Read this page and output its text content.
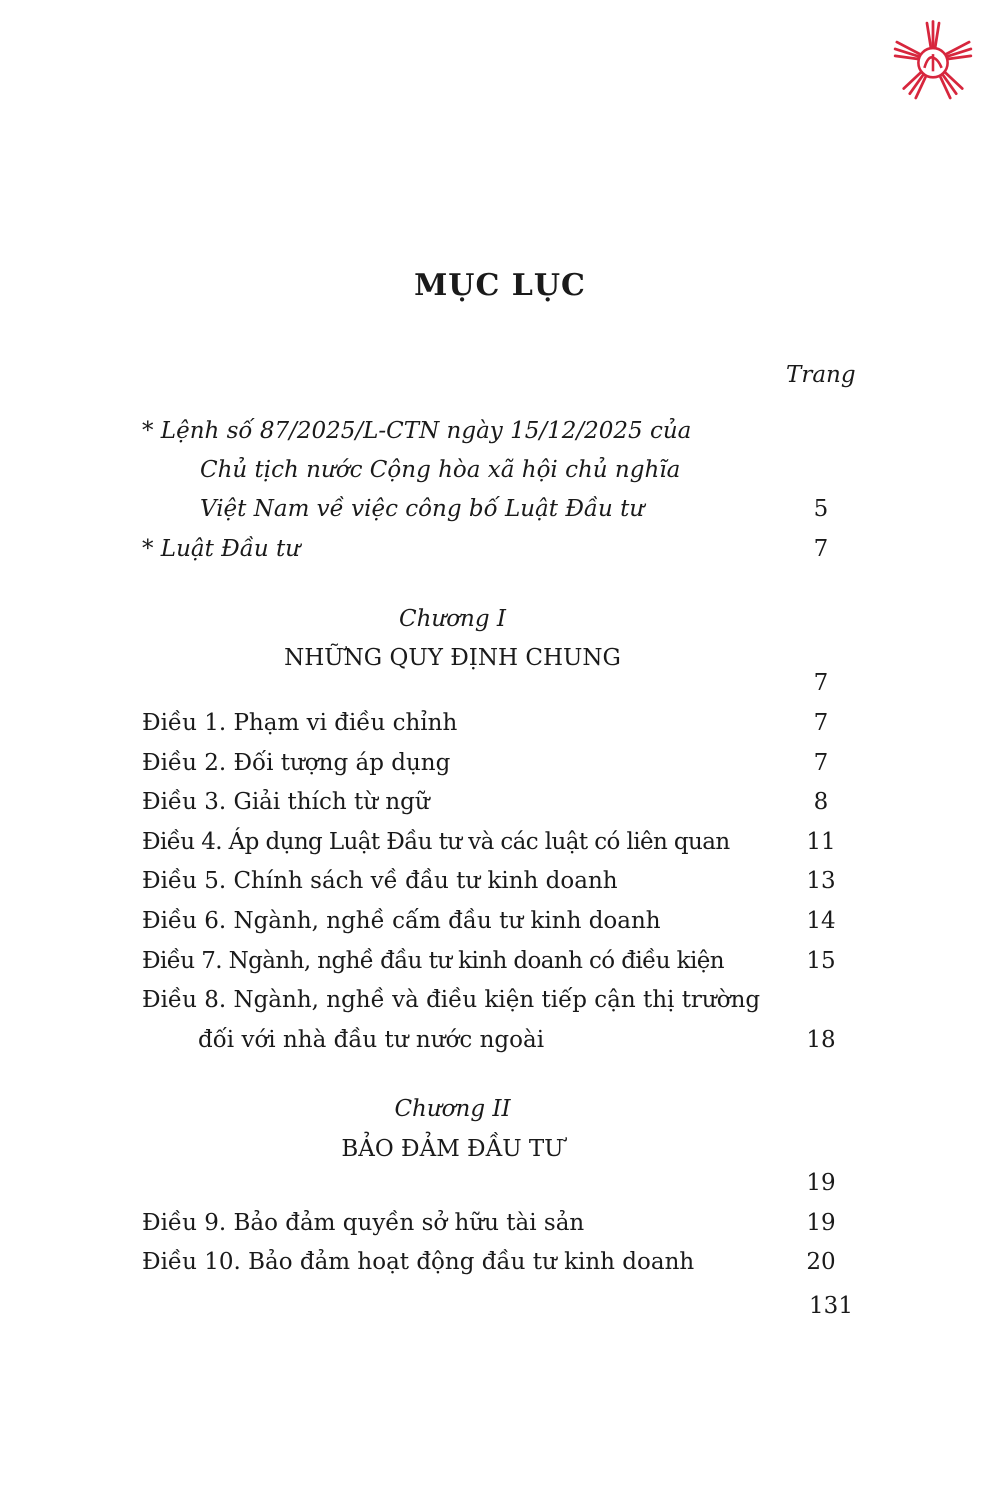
MỤC LỤC
Trang
* Lệnh số 87/2025/L-CTN ngày 15/12/2025 của
Chủ tịch nước Cộng hòa xã hội chủ nghĩa
Việt Nam về việc công bố Luật Đầu tư	5
* Luật Đầu tư	7
Chương I
NHỮNG QUY ĐỊNH CHUNG
7
Điều 1. Phạm vi điều chỉnh	7
Điều 2. Đối tượng áp dụng	7
Điều 3. Giải thích từ ngữ	8
Điều 4. Áp dụng Luật Đầu tư và các luật có liên quan	11
Điều 5. Chính sách về đầu tư kinh doanh	13
Điều 6. Ngành, nghề cấm đầu tư kinh doanh	14
Điều 7. Ngành, nghề đầu tư kinh doanh có điều kiện	15
Điều 8. Ngành, nghề và điều kiện tiếp cận thị trường
đối với nhà đầu tư nước ngoài	18
Chương II
BẢO ĐẢM ĐẦU TƯ
19
Điều 9. Bảo đảm quyền sở hữu tài sản	19
Điều 10. Bảo đảm hoạt động đầu tư kinh doanh	20
131
